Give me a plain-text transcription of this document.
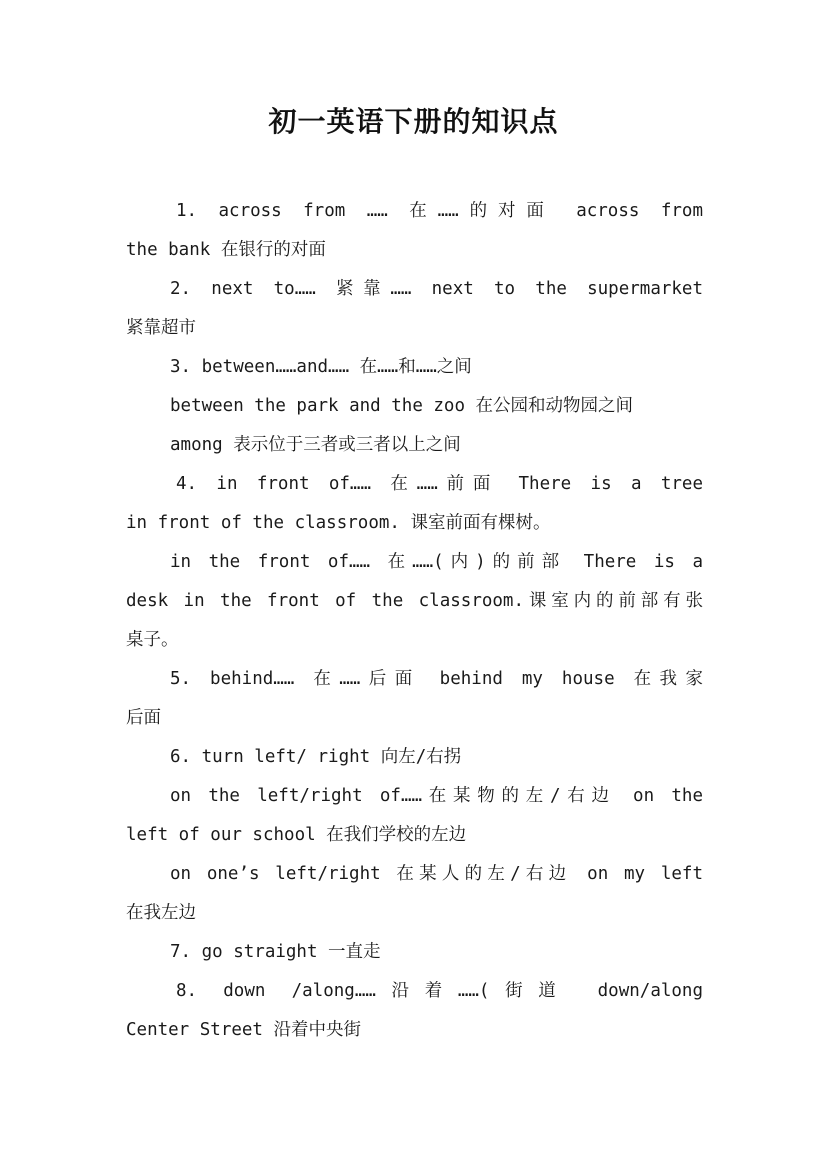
初一英语下册的知识点
1. across from …… 在……的对面 across from
the bank 在银行的对面
2. next to…… 紧靠…… next to the supermarket
紧靠超市
3. between……and…… 在……和……之间
between the park and the zoo 在公园和动物园之间
among 表示位于三者或三者以上之间
4. in front of…… 在……前面 There is a tree
in front of the classroom. 课室前面有棵树。
in the front of…… 在……(内)的前部 There is a
desk in the front of the classroom.课室内的前部有张
桌子。
5. behind…… 在……后面 behind my house 在我家
后面
6. turn left/ right 向左/右拐
on the left/right of……在某物的左/右边 on the
left of our school 在我们学校的左边
on one’s left/right 在某人的左/右边 on my left
在我左边
7. go straight 一直走
8. down /along……沿着……(街道 down/along
Center Street 沿着中央街
